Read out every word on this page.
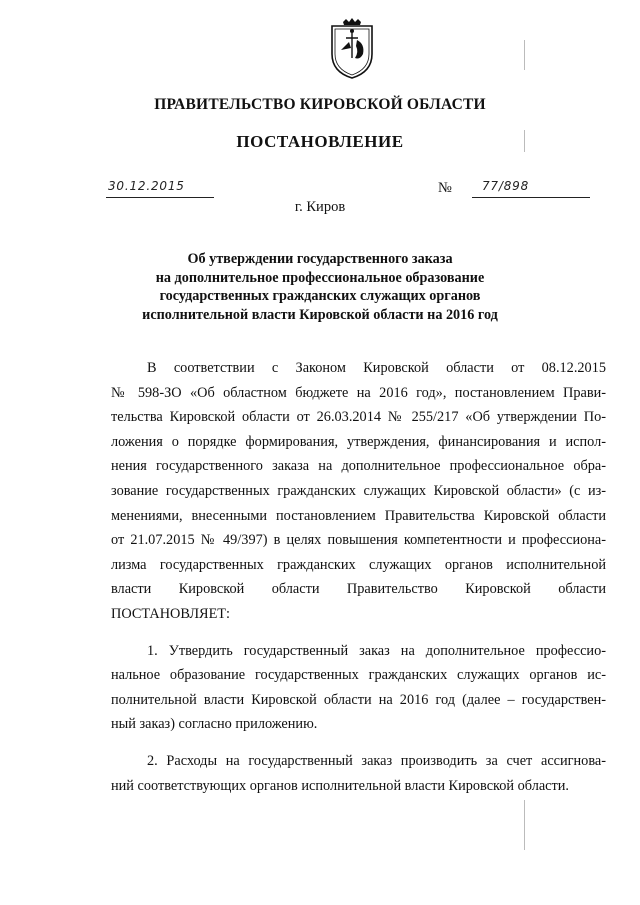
ПРАВИТЕЛЬСТВО КИРОВСКОЙ ОБЛАСТИ
ПОСТАНОВЛЕНИЕ
30.12.2015	№	77/898
г. Киров
Об утверждении государственного заказа
на дополнительное профессиональное образование
государственных гражданских служащих органов
исполнительной власти Кировской области на 2016 год
В соответствии с Законом Кировской области от 08.12.2015
№ 598-ЗО «Об областном бюджете на 2016 год», постановлением Прави-
тельства Кировской области от 26.03.2014 № 255/217 «Об утверждении По-
ложения о порядке формирования, утверждения, финансирования и испол-
нения государственного заказа на дополнительное профессиональное обра-
зование государственных гражданских служащих Кировской области» (с из-
менениями, внесенными постановлением Правительства Кировской области
от 21.07.2015 № 49/397) в целях повышения компетентности и профессиона-
лизма государственных гражданских служащих органов исполнительной
власти Кировской области Правительство Кировской области
ПОСТАНОВЛЯЕТ:
1. Утвердить государственный заказ на дополнительное профессио-
нальное образование государственных гражданских служащих органов ис-
полнительной власти Кировской области на 2016 год (далее – государствен-
ный заказ) согласно приложению.
2. Расходы на государственный заказ производить за счет ассигнова-
ний соответствующих органов исполнительной власти Кировской области.
